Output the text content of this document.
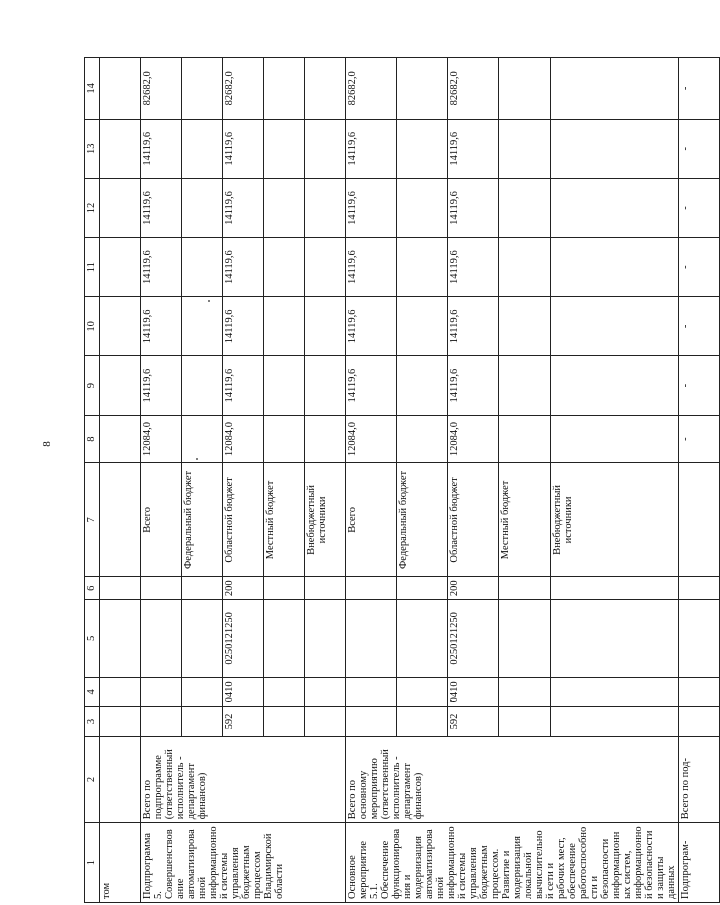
8
1	2	3	4	5	6	7	8	9	10	11	12	13	14
том													
Подпрограмма 5. Совершенствование автоматизированной информационной системы управления бюджетным процессом Владимирской области	Всего по подпрограмме (ответственный исполнитель - департамент финансов)					Всего	12084,0	14119,6	14119,6	14119,6	14119,6	14119,6	82682,0
						Федеральный бюджет							
		592	0410	0250121250	200	Областной бюджет	12084,0	14119,6	14119,6	14119,6	14119,6	14119,6	82682,0
						Местный бюджет							
						Внебюджетный источники							
Основное мероприятие 5.1. Обеспечение функционирования и модернизация автоматизированной информационной системы управления бюджетным процессом. Развитие и модернизация локальной вычислительной сети и рабочих мест, обеспечение работоспособности и безопасности информационных систем, информационной безопасности и защиты данных	Всего по основному мероприятию (ответственный исполнитель - департамент финансов)					Всего	12084,0	14119,6	14119,6	14119,6	14119,6	14119,6	82682,0
						Федеральный бюджет							
		592	0410	0250121250	200	Областной бюджет	12084,0	14119,6	14119,6	14119,6	14119,6	14119,6	82682,0
						Местный бюджет							
						Внебюджетный источники							
Подпрограм-	Всего по под-						-	-	-	-	-	-	-
